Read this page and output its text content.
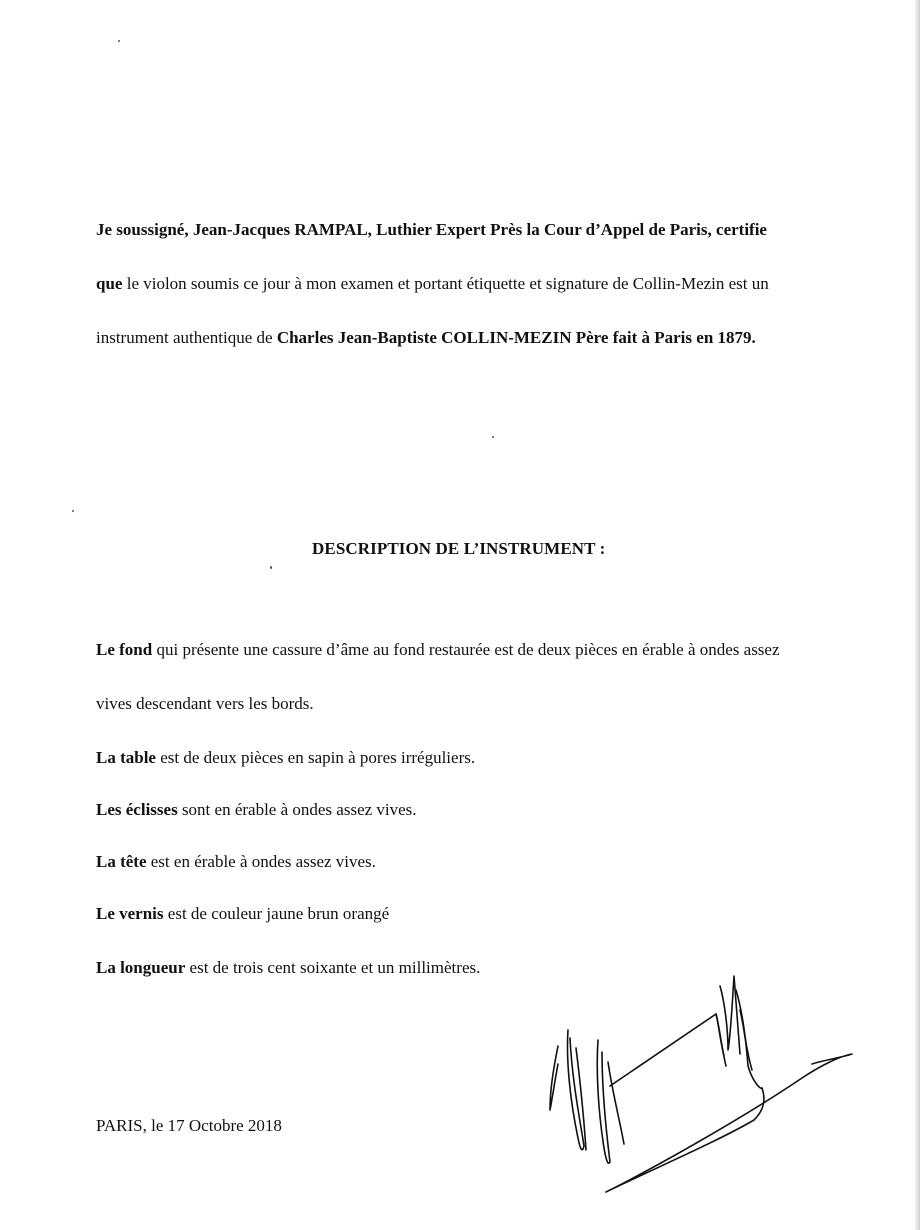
Je soussigné, Jean-Jacques RAMPAL, Luthier Expert Près la Cour d’Appel de Paris, certifie
que le violon soumis ce jour à mon examen et portant étiquette et signature de Collin-Mezin est un
instrument authentique de Charles Jean-Baptiste COLLIN-MEZIN Père fait à Paris en 1879.
DESCRIPTION DE L’INSTRUMENT :
Le fond qui présente une cassure d’âme au fond restaurée est de deux pièces en érable à ondes assez
vives descendant vers les bords.
La table est de deux pièces en sapin à pores irréguliers.
Les éclisses sont en érable à ondes assez vives.
La tête est en érable à ondes assez vives.
Le vernis est de couleur jaune brun orangé
La longueur est de trois cent soixante et un millimètres.
PARIS, le 17 Octobre 2018
